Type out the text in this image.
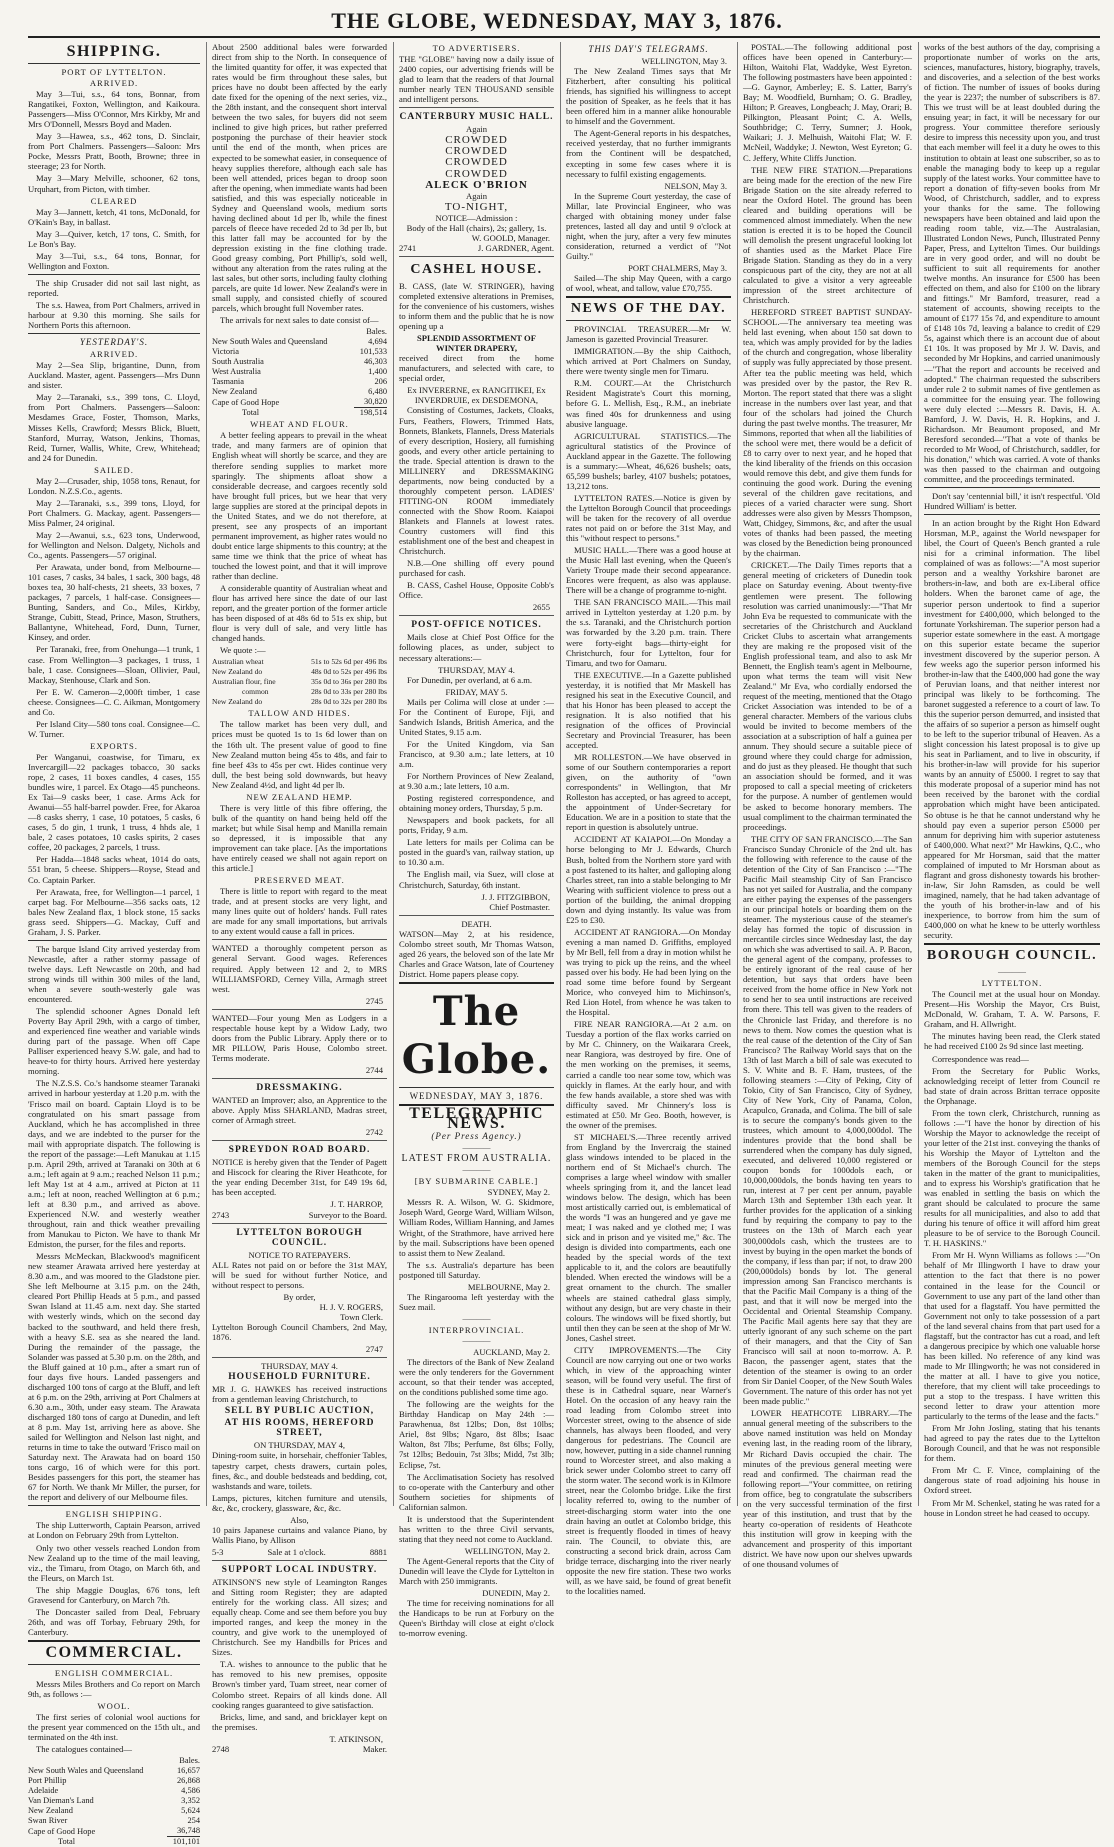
THE GLOBE, WEDNESDAY, MAY 3, 1876.
SHIPPING.
PORT OF LYTTELTON.
ARRIVED.

May 3—Tui, s.s., 64 tons, Bonnar, from Rangatikei, Foxton, Wellington, and Kaikoura. Passengers—Miss O'Connor, Mrs Kirkby, Mr and Mrs O'Donnell, Messrs Boyd and Maden.

May 3—Hawea, s.s., 462 tons, D. Sinclair, from Port Chalmers. Passengers—Saloon: Mrs Pocke, Messrs Pratt, Booth, Browne; three in steerage; 23 for North.

May 3—Mary Melville, schooner, 62 tons, Urquhart, from Picton, with timber.

CLEARED

May 3—Jannett, ketch, 41 tons, McDonald, for O'Kain's Bay, in ballast.

May 3—Quiver, ketch, 17 tons, C. Smith, for Le Bon's Bay.

May 3—Tui, s.s., 64 tons, Bonnar, for Wellington and Foxton.

The ship Crusader did not sail last night, as reported.

The s.s. Hawea, from Port Chalmers, arrived in harbour at 9.30 this morning. She sails for Northern Ports this afternoon.

YESTERDAY'S.
ARRIVED.

May 2—Sea Slip, brigantine, Dunn, from Auckland. Master, agent. Passengers—Mrs Dunn and sister.

May 2—Taranaki, s.s., 399 tons, C. Lloyd, from Port Chalmers. Passengers—Saloon: Mesdames Grace, Foster, Thomson, Marks, Misses Kells, Crawford; Messrs Blick, Bluett, Stanford, Murray, Watson, Jenkins, Thomas, Reid, Turner, Wallis, White, Crew, Whitehead; and 24 for Dunedin.

SAILED.

May 2—Crusader, ship, 1058 tons, Renaut, for London. N.Z.S.Co., agents.

May 2—Taranaki, s.s., 399 tons, Lloyd, for Port Chalmers. G. Mackay, agent. Passengers—Miss Palmer, 24 original.

May 2—Awanui, s.s., 623 tons, Underwood, for Wellington and Nelson. Dalgety, Nichols and Co., agents. Passengers—57 original.

Per Arawata, under bond, from Melbourne—101 cases, 7 casks, 34 bales, 1 sack, 300 bags, 48 boxes tea, 30 half-chests, 21 sheets, 33 boxes, 7 packages, 7 parcels, 1 half-case. Consignees—Bunting, Sanders, and Co., Miles, Kirkby, Strange, Cubitt, Stead, Prince, Mason, Struthers, Ballantyne, Whitehead, Ford, Dunn, Turner, Kinsey, and order.

Per Taranaki, free, from Onehunga—1 trunk, 1 case. From Wellington—3 packages, 1 truss, 1 bale, 1 case. Consignees—Sloan, Ollivier, Paul, Mackay, Stenhouse, Clark and Son.

Per E. W. Cameron—2,000ft timber, 1 case cheese. Consignees—C. C. Aikman, Montgomery and Co.

Per Island City—580 tons coal. Consignee—C. W. Turner.

EXPORTS.

Per Wanganui, coastwise, for Timaru, ex Invercargill—22 packages tobacco, 30 sacks rope, 2 cases, 11 boxes candles, 4 cases, 155 bundles wire, 1 parcel. Ex Otago—45 puncheons. Ex Tai—9 casks beer, 1 case. Arms Ack for Awanui—55 half-barrel powder. Free, for Akaroa—8 casks sherry, 1 case, 10 potatoes, 5 casks, 6 cases, 5 do gin, 1 trunk, 1 truss, 4 hhds ale, 1 bale, 2 cases potatoes, 10 casks spirits, 2 cases coffee, 20 packages, 2 parcels, 1 truss.

Per Hadda—1848 sacks wheat, 1014 do oats, 551 bran, 5 cheese. Shippers—Royse, Stead and Co. Captain Parker.

Per Arawata, free, for Wellington—1 parcel, 1 carpet bag. For Melbourne—356 sacks oats, 12 bales New Zealand flax, 1 block stone, 15 sacks grass seed. Shippers—G. Mackay, Cuff and Graham, J. S. Parker.

The barque Island City arrived yesterday from Newcastle, after a rather stormy passage of twelve days. Left Newcastle on 20th, and had strong winds till within 300 miles of the land, when a severe south-westerly gale was encountered.

The splendid schooner Agnes Donald left Poverty Bay April 29th, with a cargo of timber, and experienced fine weather and variable winds during part of the passage. When off Cape Palliser experienced heavy S.W. gale, and had to heave-to for thirty hours. Arrived here yesterday morning.

The N.Z.S.S. Co.'s handsome steamer Taranaki arrived in harbour yesterday at 1.20 p.m. with the 'Frisco mail on board. Captain Lloyd is to be congratulated on his smart passage from Auckland, which he has accomplished in three days, and we are indebted to the purser for the mail with appropriate dispatch. The following is the report of the passage:—Left Manukau at 1.15 p.m. April 29th, arrived at Taranaki on 30th at 6 a.m.; left again at 9 a.m.; reached Nelson 11 p.m.; left May 1st at 4 a.m., arrived at Picton at 11 a.m.; left at noon, reached Wellington at 6 p.m.; left at 8.30 p.m., and arrived as above. Experienced N.W. and westerly weather throughout, rain and thick weather prevailing from Manukau to Picton. We have to thank Mr Edmiston, the purser, for the files and reports.

Messrs McMeckan, Blackwood's magnificent new steamer Arawata arrived here yesterday at 8.30 a.m., and was moored to the Gladstone pier. She left Melbourne at 3.15 p.m. on the 24th, cleared Port Phillip Heads at 5 p.m., and passed Swan Island at 11.45 a.m. next day. She started with westerly winds, which on the second day backed to the southward, and held there fresh, with a heavy S.E. sea as she neared the land. During the remainder of the passage, the Solander was passed at 5.30 p.m. on the 28th, and the Bluff gained at 10 p.m., after a smart run of four days five hours. Landed passengers and discharged 100 tons of cargo at the Bluff, and left at 6 p.m. on the 29th, arriving at Port Chalmers at 6.30 a.m., 30th, under easy steam. The Arawata discharged 180 tons of cargo at Dunedin, and left at 8 p.m. May 1st, arriving here as above. She sailed for Wellington and Nelson last night, and returns in time to take the outward 'Frisco mail on Saturday next. The Arawata had on board 150 tons cargo, 16 of which were for this port. Besides passengers for this port, the steamer has 67 for North. We thank Mr Miller, the purser, for the report and delivery of our Melbourne files.

ENGLISH SHIPPING.

The ship Lutterworth, Captain Pearson, arrived at London on February 29th from Lyttelton.

Only two other vessels reached London from New Zealand up to the time of the mail leaving, viz., the Timaru, from Otago, on March 6th, and the Fleurs, on March 1st.

The ship Maggie Douglas, 676 tons, left Gravesend for Canterbury, on March 7th.

The Doncaster sailed from Deal, February 26th, and was off Torbay, February 29th, for Canterbury.

COMMERCIAL.
ENGLISH COMMERCIAL.

Messrs Miles Brothers and Co report on March 9th, as follows :—

WOOL.

The first series of colonial wool auctions for the present year commenced on the 15th ult., and terminated on the 4th inst.

The catalogues contained—

	Bales.
New South Wales and Queensland	16,657
Port Phillip	26,868
Adelaide	4,586
Van Dieman's Land	3,352
New Zealand	5,624
Swan River	254
Cape of Good Hope	36,748
Total	101,101

About 2500 additional bales were forwarded direct from ship to the North. In consequence of the limited quantity for offer, it was expected that rates would be firm throughout these sales, but prices have no doubt been affected by the early date fixed for the opening of the next series, viz., the 28th instant, and the consequent short interval between the two sales, for buyers did not seem inclined to give high prices, but rather preferred postponing the purchase of their heavier stock until the end of the month, when prices are expected to be somewhat easier, in consequence of heavy supplies therefore, although each sale has been well attended, prices began to droop soon after the opening, when immediate wants had been satisfied, and this was especially noticeable in Sydney and Queensland wools, medium sorts having declined about 1d per lb, while the finest parcels of fleece have receded 2d to 3d per lb, but this latter fall may be accounted for by the depression existing in the fine clothing trade. Good greasy combing, Port Phillip's, sold well, without any alteration from the rates ruling at the last sales, but other sorts, including faulty clothing parcels, are quite 1d lower. New Zealand's were in small supply, and consisted chiefly of scoured parcels, which brought full November rates.

The arrivals for next sales to date consist of—

	Bales.
New South Wales and Queensland	4,694
Victoria	101,533
South Australia	46,303
West Australia	1,400
Tasmania	206
New Zealand	6,480
Cape of Good Hope	30,820
Total	198,514
WHEAT AND FLOUR.

A better feeling appears to prevail in the wheat trade, and many farmers are of opinion that English wheat will shortly be scarce, and they are therefore sending supplies to market more sparingly. The shipments afloat show a considerable decrease, and cargoes recently sold have brought full prices, but we hear that very large supplies are stored at the principal depots in the United States, and we do not therefore, at present, see any prospects of an important permanent improvement, as higher rates would no doubt entice large shipments to this country; at the same time we think that the price of wheat has touched the lowest point, and that it will improve rather than decline.

A considerable quantity of Australian wheat and flour has arrived here since the date of our last report, and the greater portion of the former article has been disposed of at 48s 6d to 51s ex ship, but flour is very dull of sale, and very little has changed hands.

We quote :—

Australian wheat	51s to 52s 6d per 496 lbs
New Zealand do	48s 0d to 52s per 496 lbs
Australian flour, fine	35s 0d to 36s per 280 lbs
common	28s 0d to 33s per 280 lbs
New Zealand do	28s 0d to 32s per 280 lbs
TALLOW AND HIDES.

The tallow market has been very dull, and prices must be quoted 1s to 1s 6d lower than on the 16th ult. The present value of good to fine New Zealand mutton being 45s to 48s, and fair to fine beef 43s to 45s per cwt. Hides continue very dull, the best being sold downwards, but heavy New Zealand 4½d, and light 4d per lb.

NEW ZEALAND HEMP.

There is very little of this fibre offering, the bulk of the quantity on hand being held off the market; but while Sisal hemp and Manilla remain so depressed, it is impossible that any improvement can take place. [As the importations have entirely ceased we shall not again report on this article.]

PRESERVED MEAT.

There is little to report with regard to the meat trade, and at present stocks are very light, and many lines quite out of holders' hands. Full rates are made for any small importations, but arrivals to any extent would cause a fall in prices.

WANTED a thoroughly competent person as general Servant. Good wages. References required. Apply between 12 and 2, to MRS WILLIAMSFORD, Cerney Villa, Armagh street west.

2745

WANTED—Four young Men as Lodgers in a respectable house kept by a Widow Lady, two doors from the Public Library. Apply there or to MR PILLOW, Paris House, Colombo street. Terms moderate.

2744
DRESSMAKING.

WANTED an Improver; also, an Apprentice to the above. Apply Miss SHARLAND, Madras street, corner of Armagh street.

2742
SPREYDON ROAD BOARD.

NOTICE is hereby given that the Tender of Pagett and Hiscock for clearing the River Heathcote, for the year ending December 31st, for £49 19s 6d, has been accepted.

J. T. HARROP,
2743	Surveyor to the Board.
LYTTELTON BOROUGH COUNCIL.
NOTICE TO RATEPAYERS.

ALL Rates not paid on or before the 31st MAY, will be sued for without further Notice, and without respect to persons.

By order,
H. J. V. ROGERS,
Town Clerk.

Lyttelton Borough Council Chambers, 2nd May, 1876.

2747
THURSDAY, MAY 4.
HOUSEHOLD FURNITURE.

MR J. G. HAWKES has received instructions from a gentleman leaving Christchurch, to

SELL BY PUBLIC AUCTION,
AT HIS ROOMS, HEREFORD STREET,
ON THURSDAY, MAY 4,

Dining-room suite, in horsehair, cheffonier Tables, tapestry carpet, chests drawers, curtain poles, fines, &c., and double bedsteads and bedding, cot, washstands and ware, toilets.

Lamps, pictures, kitchen furniture and utensils, &c, &c, crockery, glassware, &c, &c.

Also,

10 pairs Japanese curtains and valance Piano, by Wallis Piano, by Allison

5-3	Sale at 1 o'clock.	8881
SUPPORT LOCAL INDUSTRY.

ATKINSON'S new style of Leamington Ranges and Sitting room Register; they are adapted entirely for the working class. All sizes; and equally cheap. Come and see them before you buy imported ranges, and keep the money in the country, and give work to the unemployed of Christchurch. See my Handbills for Prices and Sizes.

T.A. wishes to announce to the public that he has removed to his new premises, opposite Brown's timber yard, Tuam street, near corner of Colombo street. Repairs of all kinds done. All cooking ranges guaranteed to give satisfaction.

Bricks, lime, and sand, and bricklayer kept on the premises.

T. ATKINSON,
2748	Maker.
TO ADVERTISERS.

THE "GLOBE" having now a daily issue of 2400 copies, our advertising friends will be glad to learn that the readers of that Journal number nearly TEN THOUSAND sensible and intelligent persons.

CANTERBURY MUSIC HALL.
Again
CROWDED
CROWDED
CROWDED
CROWDED
ALECK O'BRION
Again
TO-NIGHT,
NOTICE—Admission :
Body of the Hall (chairs), 2s; gallery, 1s.
W. GOOLD, Manager.
2741	J. GARDNER, Agent.
CASHEL HOUSE.

B. CASS, (late W. STRINGER), having completed extensive alterations in Premises, for the convenience of his customers, wishes to inform them and the public that he is now opening up a

SPLENDID ASSORTMENT OF WINTER DRAPERY,

received direct from the home manufacturers, and selected with care, to special order,

Ex INVERERNE, ex RANGITIKEI, Ex INVERDRUIE, ex DESDEMONA,

Consisting of Costumes, Jackets, Cloaks, Furs, Feathers, Flowers, Trimmed Hats, Bonnets, Blankets, Flannels, Dress Materials of every description, Hosiery, all furnishing goods, and every other article pertaining to the trade. Special attention is drawn to the MILLINERY and DRESSMAKING departments, now being conducted by a thoroughly competent person. LADIES' FITTING-ON ROOM immediately connected with the Show Room. Kaiapoi Blankets and Flannels at lowest rates. Country customers will find this establishment one of the best and cheapest in Christchurch.

N.B.—One shilling off every pound purchased for cash.

B. CASS, Cashel House, Opposite Cobb's Office.

2655
POST-OFFICE NOTICES.

Mails close at Chief Post Office for the following places, as under, subject to necessary alterations:—

THURSDAY, MAY 4.

For Dunedin, per overland, at 6 a.m.

FRIDAY, MAY 5.

Mails per Colima will close at under :— For the Continent of Europe, Fiji, and Sandwich Islands, British America, and the United States, 9.15 a.m.

For the United Kingdom, via San Francisco, at 9.30 a.m.; late letters, at 10 a.m.

For Northern Provinces of New Zealand, at 9.30 a.m.; late letters, 10 a.m.

Posting registered correspondence, and obtaining money orders, Thursday, 5 p.m.

Newspapers and book packets, for all ports, Friday, 9 a.m.

Late letters for mails per Colima can be posted in the guard's van, railway station, up to 10.30 a.m.

The English mail, via Suez, will close at Christchurch, Saturday, 6th instant.

J. J. FITZGIBBON,
Chief Postmaster.
DEATH.

WATSON—May 2, at his residence, Colombo street south, Mr Thomas Watson, aged 26 years, the beloved son of the late Mr Charles and Grace Watson, late of Courteney District. Home papers please copy.

The Globe.
WEDNESDAY, MAY 3, 1876.
TELEGRAPHIC NEWS.
(Per Press Agency.)
————
LATEST FROM AUSTRALIA.
————
[BY SUBMARINE CABLE.]
SYDNEY, May 2.

Messrs R. A. Wilson, W. G. Skidmore, Joseph Ward, George Ward, William Wilson, William Rodes, William Hanning, and James Wright, of the Strathmore, have arrived here by the mail. Subscriptions have been opened to assist them to New Zealand.

The s.s. Australia's departure has been postponed till Saturday.

MELBOURNE, May 2.

The Ringarooma left yesterday with the Suez mail.

————
INTERPROVINCIAL.
————
AUCKLAND, May 2.

The directors of the Bank of New Zealand were the only tenderers for the Government account, so that their tender was accepted, on the conditions published some time ago.

The following are the weights for the Birthday Handicap on May 24th :—Parawhenua, 8st 12lbs; Don, 8st 10lbs; Ariel, 8st 9lbs; Ngaro, 8st 8lbs; Isaac Walton, 8st 7lbs; Perfume, 8st 6lbs; Folly, 7st 12lbs; Bedouin, 7st 3lbs; Midd, 7st 3lb; Eclipse, 7st.

The Acclimatisation Society has resolved to co-operate with the Canterbury and other Southern societies for shipments of Californian salmon.

It is understood that the Superintendent has written to the three Civil servants, stating that they need not come to Auckland.

WELLINGTON, May 2.

The Agent-General reports that the City of Dunedin will leave the Clyde for Lyttelton in March with 250 immigrants.

DUNEDIN, May 2.

The time for receiving nominations for all the Handicaps to be run at Forbury on the Queen's Birthday will close at eight o'clock to-morrow evening.

THIS DAY'S TELEGRAMS.
WELLINGTON, May 3.

The New Zealand Times says that Mr Fitzherbert, after consulting his political friends, has signified his willingness to accept the position of Speaker, as he feels that it has been offered him in a manner alike honourable to himself and the Government.

The Agent-General reports in his despatches, received yesterday, that no further immigrants from the Continent will be despatched, excepting in some few cases where it is necessary to fulfil existing engagements.

NELSON, May 3.

In the Supreme Court yesterday, the case of Millar, late Provincial Engineer, who was charged with obtaining money under false pretences, lasted all day and until 9 o'clock at night, when the jury, after a very few minutes consideration, returned a verdict of "Not Guilty."

PORT CHALMERS, May 3.

Sailed—The ship May Queen, with a cargo of wool, wheat, and tallow, value £70,755.

NEWS OF THE DAY.

PROVINCIAL TREASURER.—Mr W. Jameson is gazetted Provincial Treasurer.

IMMIGRATION.—By the ship Caithoch, which arrived at Port Chalmers on Sunday, there were twenty single men for Timaru.

R.M. COURT.—At the Christchurch Resident Magistrate's Court this morning, before G. L. Mellish, Esq., R.M., an inebriate was fined 40s for drunkenness and using abusive language.

AGRICULTURAL STATISTICS.—The agricultural statistics of the Province of Auckland appear in the Gazette. The following is a summary:—Wheat, 46,626 bushels; oats, 65,599 bushels; barley, 4107 bushels; potatoes, 13,212 tons.

LYTTELTON RATES.—Notice is given by the Lyttelton Borough Council that proceedings will be taken for the recovery of all overdue rates not paid on or before the 31st May, and this "without respect to persons."

MUSIC HALL.—There was a good house at the Music Hall last evening, when the Queen's Variety Troupe made their second appearance. Encores were frequent, as also was applause. There will be a change of programme to-night.

THE SAN FRANCISCO MAIL.—This mail arrived in Lyttelton yesterday at 1.20 p.m. by the s.s. Taranaki, and the Christchurch portion was forwarded by the 3.20 p.m. train. There were forty-eight bags—thirty-eight for Christchurch, four for Lyttelton, four for Timaru, and two for Oamaru.

THE EXECUTIVE.—In a Gazette published yesterday, it is notified that Mr Maskell has resigned his seat in the Executive Council, and that his Honor has been pleased to accept the resignation. It is also notified that his resignation of the offices of Provincial Secretary and Provincial Treasurer, has been accepted.

MR ROLLESTON.—We have observed in some of our Southern contemporaries a report given, on the authority of "own correspondents" in Wellington, that Mr Rolleston has accepted, or has agreed to accept, the appointment of Under-Secretary for Education. We are in a position to state that the report in question is absolutely untrue.

ACCIDENT AT KAIAPOI.—On Monday a horse belonging to Mr J. Edwards, Church Bush, bolted from the Northern store yard with a post fastened to its halter, and galloping along Charles street, ran into a stable belonging to Mr Wearing with sufficient violence to press out a portion of the building, the animal dropping down and dying instantly. Its value was from £25 to £30.

ACCIDENT AT RANGIORA.—On Monday evening a man named D. Griffiths, employed by Mr Bell, fell from a dray in motion whilst he was trying to pick up the reins, and the wheel passed over his body. He had been lying on the road some time before found by Sergeant Morice, who conveyed him to Michinson's, Red Lion Hotel, from whence he was taken to the Hospital.

FIRE NEAR RANGIORA.—At 2 a.m. on Tuesday a portion of the flax works carried on by Mr C. Chinnery, on the Waikarara Creek, near Rangiora, was destroyed by fire. One of the men working on the premises, it seems, carried a candle too near some tow, which was quickly in flames. At the early hour, and with the few hands available, a store shed was with difficulty saved. Mr Chinnery's loss is estimated at £50. Mr Geo. Booth, however, is the owner of the premises.

ST MICHAEL'S.—Three recently arrived from England by the Invercraig the stained glass windows intended to be placed in the northern end of St Michael's church. The comprises a large wheel window with smaller wheels springing from it, and the lancet lead windows below. The design, which has been most artistically carried out, is emblematical of the words "I was an hungered and ye gave me meat; I was naked and ye clothed me; I was sick and in prison and ye visited me," &c. The design is divided into compartments, each one headed by the special words of the text applicable to it, and the colors are beautifully blended. When erected the windows will be a great ornament to the church. The smaller wheels are stained cathedral glass simply, without any design, but are very chaste in their colours. The windows will be fixed shortly, but until then they can be seen at the shop of Mr W. Jones, Cashel street.

CITY IMPROVEMENTS.—The City Council are now carrying out one or two works which, in view of the approaching winter season, will be found very useful. The first of these is in Cathedral square, near Warner's Hotel. On the occasion of any heavy rain the road leading from Colombo street into Worcester street, owing to the absence of side channels, has always been flooded, and very dangerous for pedestrians. The Council are now, however, putting in a side channel running round to Worcester street, and also making a brick sewer under Colombo street to carry off the storm water. The second work is in Kilmore street, near the Colombo bridge. Like the first locality referred to, owing to the number of street-discharging storm water into the one drain having an outlet at Colombo bridge, this street is frequently flooded in times of heavy rain. The Council, to obviate this, are constructing a second brick drain, across Cam bridge terrace, discharging into the river nearly opposite the new fire station. These two works will, as we have said, be found of great benefit to the localities named.

POSTAL.—The following additional post offices have been opened in Canterbury:—Hilton, Waitohi Flat, Waddyke, West Eyreton. The following postmasters have been appointed :—G. Gaynor, Amberley; E. S. Latter, Barry's Bay; M. Woodfield, Burnham; O. G. Bradley, Hilton; P. Greaves, Longbeach; J. May, Orari; B. Pilkington, Pleasant Point; C. A. Wells, Southbridge; C. Terry, Sumner; J. Hook, Waikari; J. J. Melhuish, Waitohi Flat; W. F. McNeil, Waddyke; J. Newton, West Eyreton; G. C. Jeffery, White Cliffs Junction.

THE NEW FIRE STATION.—Preparations are being made for the erection of the new Fire Brigade Station on the site already referred to near the Oxford Hotel. The ground has been cleared and building operations will be commenced almost immediately. When the new station is erected it is to be hoped the Council will demolish the present ungraceful looking lot of shanties used as the Market Place Fire Brigade Station. Standing as they do in a very conspicuous part of the city, they are not at all calculated to give a visitor a very agreeable impression of the street architecture of Christchurch.

HEREFORD STREET BAPTIST SUNDAY-SCHOOL.—The anniversary tea meeting was held last evening, when about 150 sat down to tea, which was amply provided for by the ladies of the church and congregation, whose liberality of supply was fully appreciated by those present. After tea the public meeting was held, which was presided over by the pastor, the Rev R. Morton. The report stated that there was a slight increase in the numbers over last year, and that four of the scholars had joined the Church during the past twelve months. The treasurer, Mr Simmons, reported that when all the liabilities of the school were met, there would be a deficit of £8 to carry over to next year, and he hoped that the kind liberality of the friends on this occasion would remove this debt, and give them funds for continuing the good work. During the evening several of the children gave recitations, and pieces of a varied character were sung. Short addresses were also given by Messrs Thompson, Watt, Chidgey, Simmons, &c, and after the usual votes of thanks had been passed, the meeting was closed by the Benediction being pronounced by the chairman.

CRICKET.—The Daily Times reports that a general meeting of cricketers of Dunedin took place on Saturday evening. About twenty-five gentlemen were present. The following resolution was carried unanimously:—"That Mr John Eva be requested to communicate with the secretaries of the Christchurch and Auckland Cricket Clubs to ascertain what arrangements they are making re the proposed visit of the English professional team, and also to ask Mr Bennett, the English team's agent in Melbourne, upon what terms the team will visit New Zealand." Mr Eva, who cordially endorsed the request of the meeting, mentioned that the Otago Cricket Association was intended to be of a general character. Members of the various clubs would be invited to become members of the association at a subscription of half a guinea per annum. They should secure a suitable piece of ground where they could charge for admission, and do just as they pleased. He thought that such an association should be formed, and it was proposed to call a special meeting of cricketers for the purpose. A number of gentlemen would be asked to become honorary members. The usual compliment to the chairman terminated the proceedings.

THE CITY OF SAN FRANCISCO.—The San Francisco Sunday Chronicle of the 2nd ult. has the following with reference to the cause of the detention of the City of San Francisco :—"The Pacific Mail steamship City of San Francisco has not yet sailed for Australia, and the company are either paying the expenses of the passengers in our principal hotels or boarding them on the steamer. The mysterious cause of the steamer's delay has formed the topic of discussion in mercantile circles since Wednesday last, the day on which she was advertised to sail. A. P. Bacon, the general agent of the company, professes to be entirely ignorant of the real cause of her detention, but says that orders have been received from the home office in New York not to send her to sea until instructions are received from there. This tell was given to the readers of the Chronicle last Friday, and therefore is no news to them. Now comes the question what is the real cause of the detention of the City of San Francisco? The Railway World says that on the 13th of last March a bill of sale was executed to S. V. White and B. F. Ham, trustees, of the following steamers :—City of Peking, City of Tokio, City of San Francisco, City of Sydney, City of New York, City of Panama, Colon, Acapulco, Granada, and Colima. The bill of sale is to secure the company's bonds given to the trustees, which amount to 4,000,000dol. The indentures provide that the bond shall be surrendered when the company has duly signed, executed, and delivered 10,000 registered or coupon bonds for 1000dols each, or 10,000,000dols, the bonds having ten years to run, interest at 7 per cent per annum, payable March 13th and September 13th each year. It further provides for the application of a sinking fund by requiring the company to pay to the trustees on the 13th of March each year 300,000dols cash, which the trustees are to invest by buying in the open market the bonds of the company, if less than par; if not, to draw 200 (200,000dols) bonds by lot. The general impression among San Francisco merchants is that the Pacific Mail Company is a thing of the past, and that it will now be merged into the Occidental and Oriental Steamship Company. The Pacific Mail agents here say that they are utterly ignorant of any such scheme on the part of their managers, and that the City of San Francisco will sail at noon to-morrow. A. P. Bacon, the passenger agent, states that the detention of the steamer is owing to an order from Sir Daniel Cooper, of the New South Wales Government. The nature of this order has not yet been made public."

LOWER HEATHCOTE LIBRARY.—The annual general meeting of the subscribers to the above named institution was held on Monday evening last, in the reading room of the library, Mr Richard Davis occupied the chair. The minutes of the previous general meeting were read and confirmed. The chairman read the following report—"Your committee, on retiring from office, beg to congratulate the subscribers on the very successful termination of the first year of this institution, and trust that by the hearty co-operation of residents of Heathcote this institution will grow in keeping with the advancement and prosperity of this important district. We have now upon our shelves upwards of one thousand volumes of

works of the best authors of the day, comprising a proportionate number of works on the arts, sciences, manufactures, history, biography, travels, and discoveries, and a selection of the best works of fiction. The number of issues of books during the year is 2237; the number of subscribers is 87. This we trust will be at least doubled during the ensuing year; in fact, it will be necessary for our progress. Your committee therefore seriously desire to impress this necessity upon you, and trust that each member will feel it a duty he owes to this institution to obtain at least one subscriber, so as to enable the managing body to keep up a regular supply of the latest works. Your committee have to report a donation of fifty-seven books from Mr Wood, of Christchurch, saddler, and to express your thanks for the same. The following newspapers have been obtained and laid upon the reading room table, viz.—The Australasian, Illustrated London News, Punch, Illustrated Penny Paper, Press, and Lyttelton Times. Our buildings are in very good order, and will no doubt be sufficient to suit all requirements for another twelve months. An insurance for £500 has been effected on them, and also for £100 on the library and fittings." Mr Bamford, treasurer, read a statement of accounts, showing receipts to the amount of £177 15s 7d, and expenditure to amount of £148 10s 7d, leaving a balance to credit of £29 5s, against which there is an account due of about £1 10s. It was proposed by Mr J. W. Davis, and seconded by Mr Hopkins, and carried unanimously—"That the report and accounts be received and adopted." The chairman requested the subscribers under rule 2 to submit names of five gentlemen as a committee for the ensuing year. The following were duly elected :—Messrs R. Davis, H. A. Bamford, J. W. Davis, H. R. Hopkins, and J. Richardson. Mr Beaumont proposed, and Mr Beresford seconded—"That a vote of thanks be recorded to Mr Wood, of Christchurch, saddler, for his donation," which was carried. A vote of thanks was then passed to the chairman and outgoing committee, and the proceedings terminated.

Don't say 'centennial bill,' it isn't respectful. 'Old Hundred William' is better.

In an action brought by the Right Hon Edward Horsman, M.P., against the World newspaper for libel, the Court of Queen's Bench granted a rule nisi for a criminal information. The libel complained of was as follows:—"A most superior person and a wealthy Yorkshire baronet are brothers-in-law, and both are ex-Liberal office holders. When the baronet came of age, the superior person undertook to find a superior investment for £400,000, which belonged to the fortunate Yorkshireman. The superior person had a superior estate somewhere in the east. A mortgage on this superior estate became the superior investment discovered by the superior person. A few weeks ago the superior person informed his brother-in-law that the £400,000 had gone the way of Peruvian loans, and that neither interest nor principal was likely to be forthcoming. The baronet suggested a reference to a court of law. To this the superior person demurred, and insisted that the affairs of so superior a person as himself ought to be left to the superior tribunal of Heaven. As a slight concession his latest proposal is to give up his seat in Parliament, and to live in obscurity, if his brother-in-law will provide for his superior wants by an annuity of £5000. I regret to say that this moderate proposal of a superior mind has not been received by the baronet with the cordial approbation which might have been anticipated. So obtuse is he that he cannot understand why he should pay even a superior person £5000 per annum for depriving him with superior astuteness of £400,000. What next?" Mr Hawkins, Q.C., who appeared for Mr Horsman, said that the matter complained of imputed to Mr Horsman about as flagrant and gross dishonesty towards his brother-in-law, Sir John Ramsden, as could be well imagined, namely, that he had taken advantage of the youth of his brother-in-law and of his inexperience, to borrow from him the sum of £400,000 on what he knew to be utterly worthless security.

BOROUGH COUNCIL.
————
LYTTELTON.

The Council met at the usual hour on Monday. Present—His Worship the Mayor, Crs Buist, McDonald, W. Graham, T. A. W. Parsons, F. Graham, and H. Allwright.

The minutes having been read, the Clerk stated he had received £100 2s 9d since last meeting.

Correspondence was read—

From the Secretary for Public Works, acknowledging receipt of letter from Council re bad state of drain across Brittan terrace opposite the Orphanage.

From the town clerk, Christchurch, running as follows :—"I have the honor by direction of his Worship the Mayor to acknowledge the receipt of your letter of the 21st inst. conveying the thanks of his Worship the Mayor of Lyttelton and the members of the Borough Council for the steps taken in the matter of the grant to municipalities, and to express his Worship's gratification that he was enabled in settling the basis on which the grant should be calculated to procure the same results for all municipalities, and also to add that during his tenure of office it will afford him great pleasure to be of service to the Borough Council. T. H. HASKINS."

From Mr H. Wynn Williams as follows :—"On behalf of Mr Illingworth I have to draw your attention to the fact that there is no power contained in the lease for the Council or Government to use any part of the land other than that used for a flagstaff. You have permitted the Government not only to take possession of a part of the land several chains from that part used for a flagstaff, but the contractor has cut a road, and left a dangerous precipice by which one valuable horse has been killed. No reference of any kind was made to Mr Illingworth; he was not considered in the matter at all. I have to give you notice, therefore, that my client will take proceedings to put a stop to the trespass. I have written this second letter to draw your attention more particularly to the terms of the lease and the facts."

From Mr John Josling, stating that his tenants had agreed to pay the rates due to the Lyttelton Borough Council, and that he was not responsible for them.

From Mr C. F. Vince, complaining of the dangerous state of road adjoining his house in Oxford street.

From Mr M. Schenkel, stating he was rated for a house in London street he had ceased to occupy.
